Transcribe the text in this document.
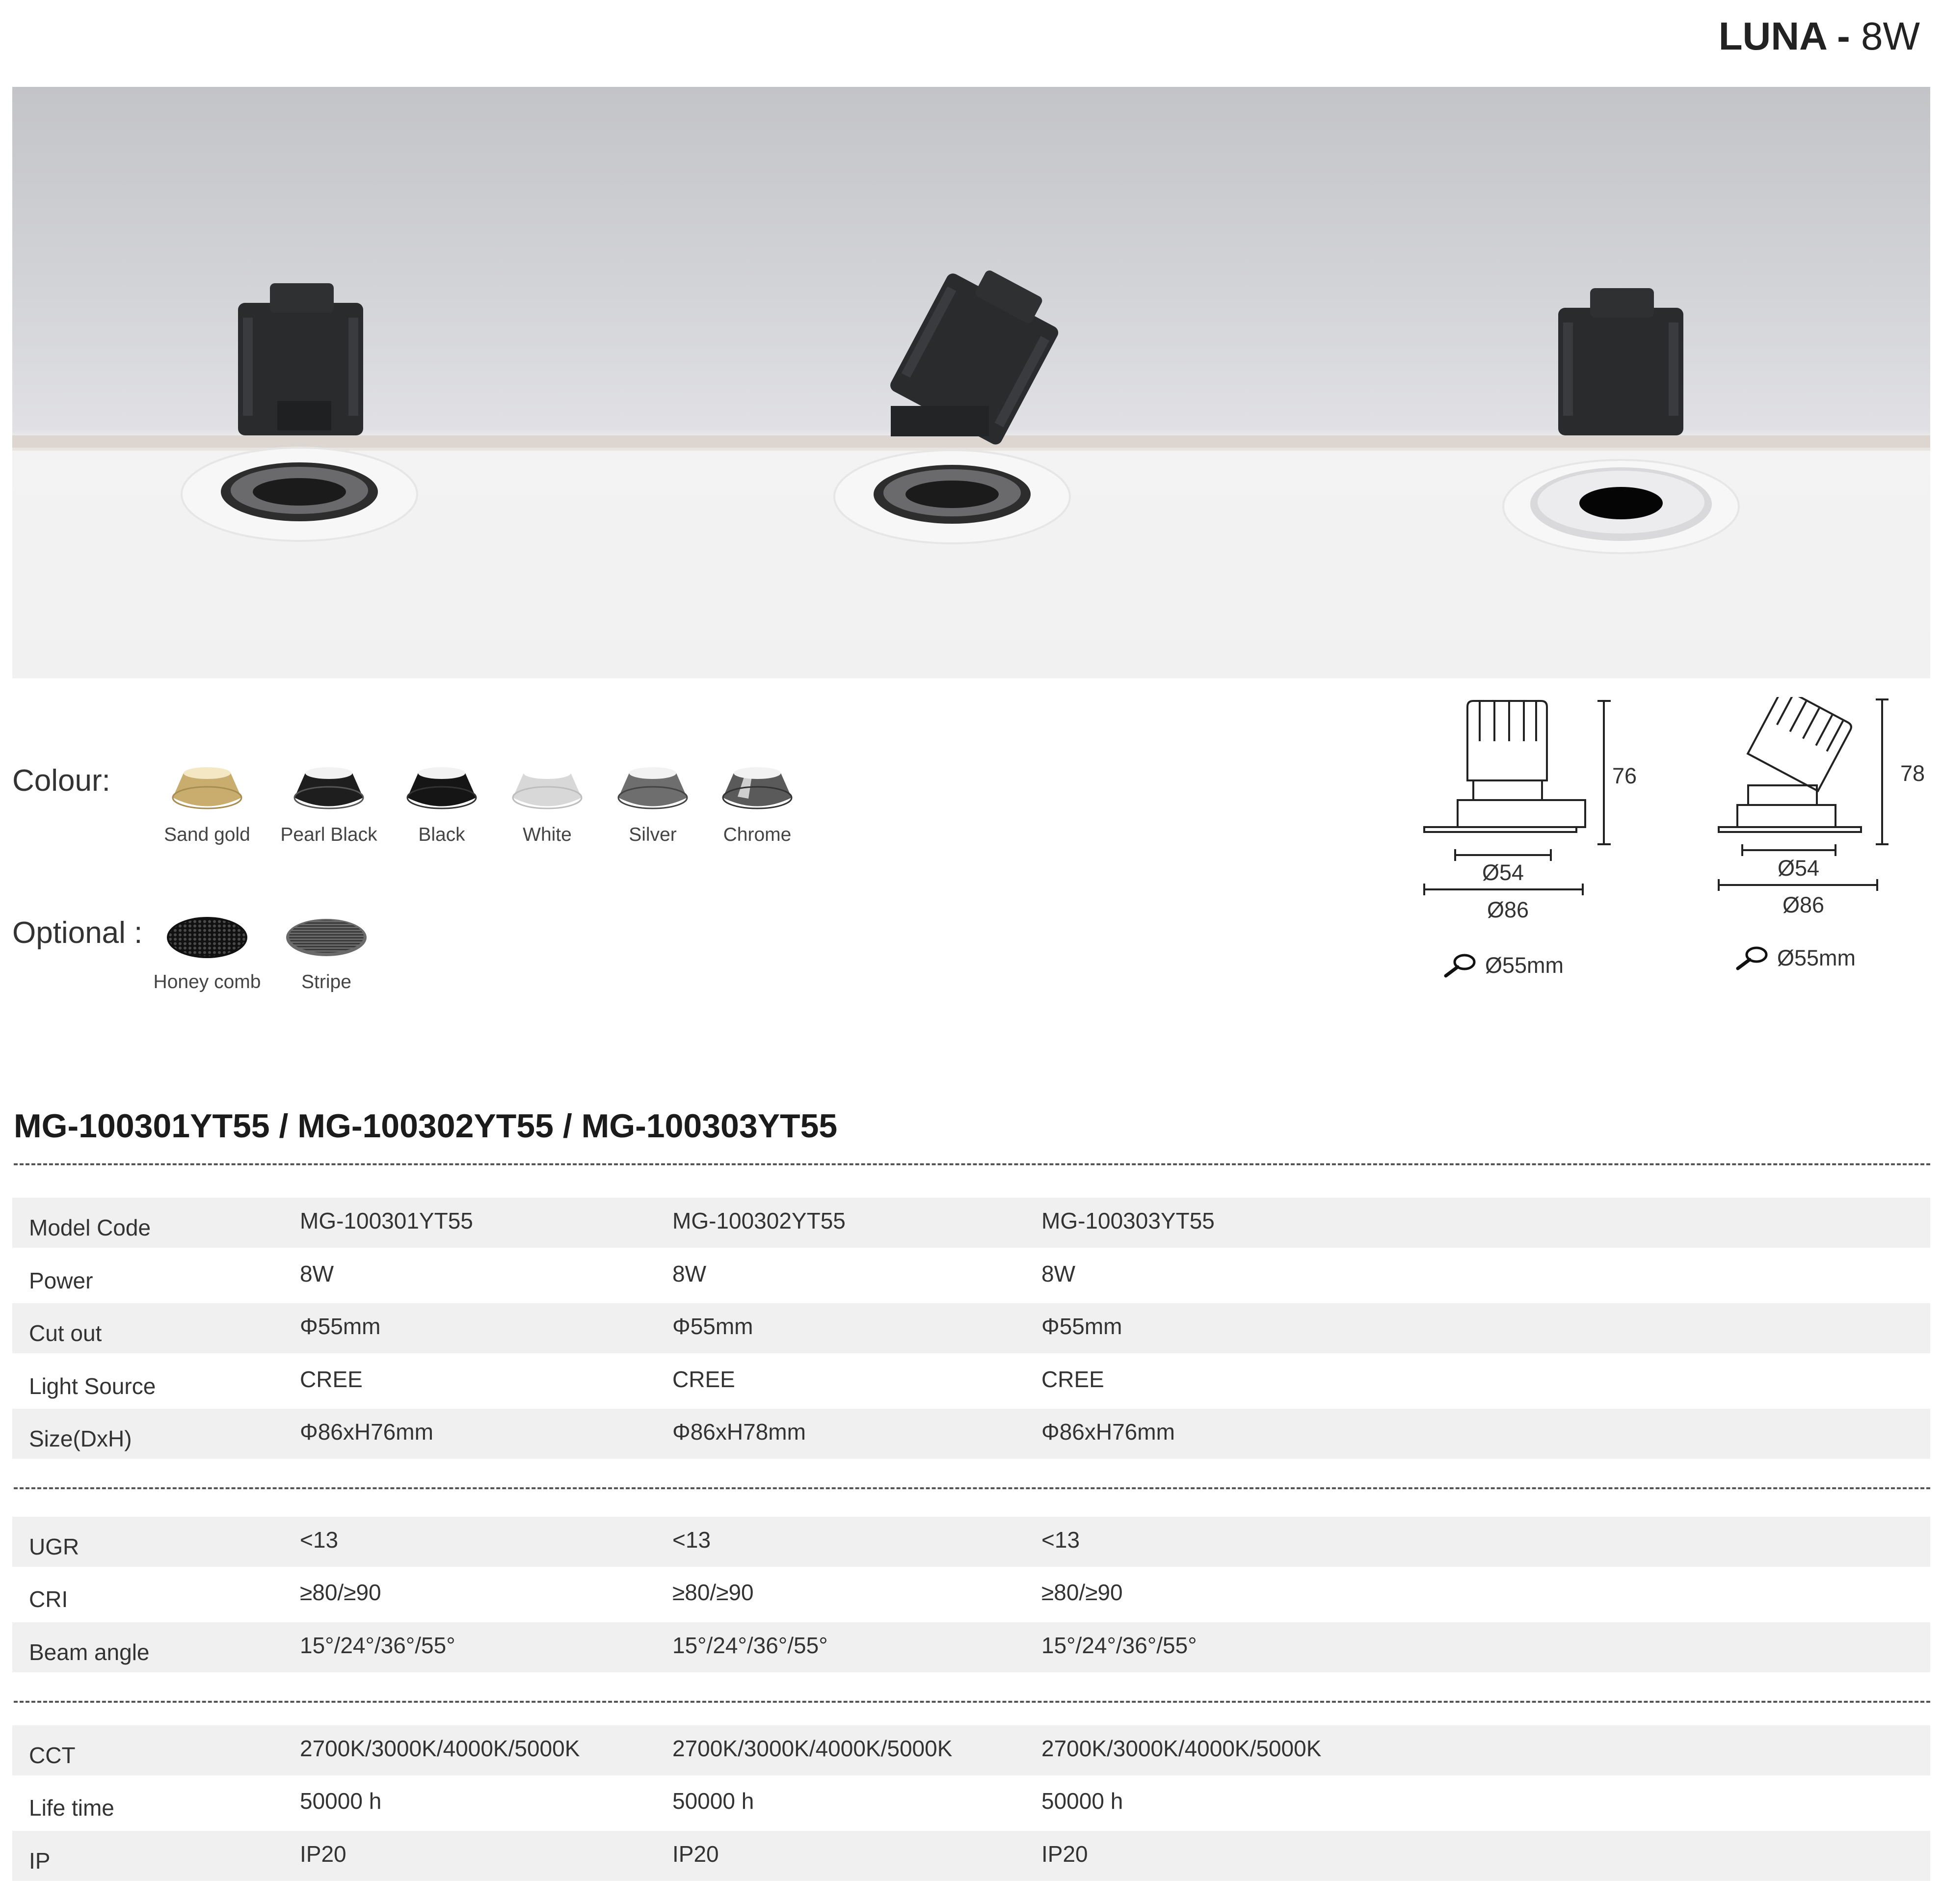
LUNA - 8W
Colour:
Sand gold	Pearl Black	Black	White	Silver	Chrome
Optional :
Honey comb	Stripe
76
Ø54
Ø86
Ø55mm
78
Ø54
Ø86
Ø55mm
MG-100301YT55 / MG-100302YT55 / MG-100303YT55
Model Code	MG-100301YT55	MG-100302YT55	MG-100303YT55
Power	8W	8W	8W
Cut out	Φ55mm	Φ55mm	Φ55mm
Light Source	CREE	CREE	CREE
Size(DxH)	Φ86xH76mm	Φ86xH78mm	Φ86xH76mm
UGR	<13	<13	<13
CRI	≥80/≥90	≥80/≥90	≥80/≥90
Beam angle	15°/24°/36°/55°	15°/24°/36°/55°	15°/24°/36°/55°
CCT	2700K/3000K/4000K/5000K	2700K/3000K/4000K/5000K	2700K/3000K/4000K/5000K
Life time	50000 h	50000 h	50000 h
IP	IP20	IP20	IP20
